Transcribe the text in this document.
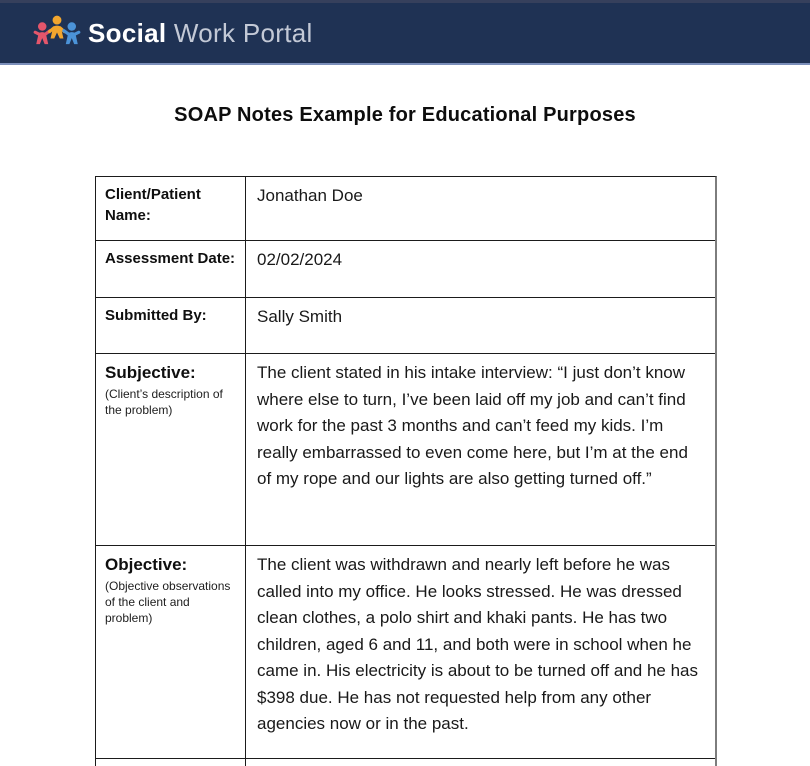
Social Work Portal
SOAP Notes Example for Educational Purposes
Client/Patient Name:
Jonathan Doe
Assessment Date:	02/02/2024
Submitted By:	Sally Smith
Subjective:
(Client’s description of the problem)
The client stated in his intake interview: “I just don’t know where else to turn, I’ve been laid off my job and can’t find work for the past 3 months and can’t feed my kids. I’m really embarrassed to even come here, but I’m at the end of my rope and our lights are also getting turned off.”
Objective:
(Objective observations of the client and problem)
The client was withdrawn and nearly left before he was called into my office. He looks stressed. He was dressed clean clothes, a polo shirt and khaki pants. He has two children, aged 6 and 11, and both were in school when he came in. His electricity is about to be turned off and he has $398 due. He has not requested help from any other agencies now or in the past.
